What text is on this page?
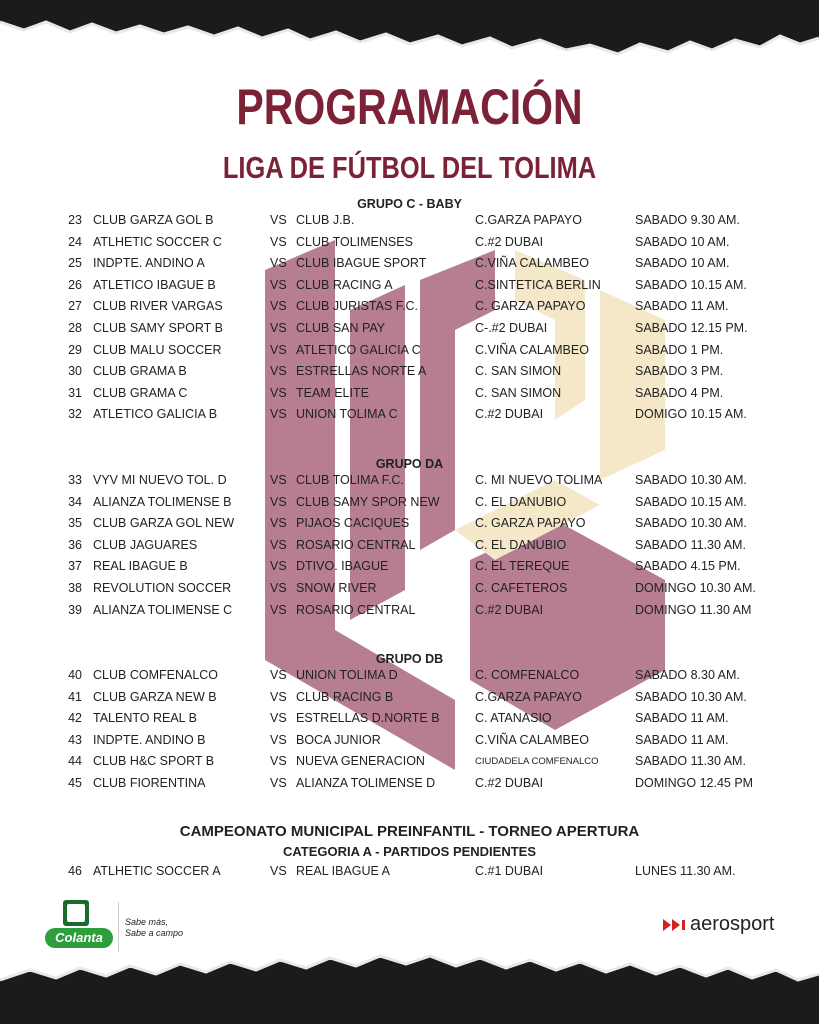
PROGRAMACIÓN
LIGA DE FÚTBOL DEL TOLIMA
GRUPO C - BABY
23 CLUB GARZA GOL B	VS CLUB J.B.	C.GARZA PAPAYO	SABADO 9.30 AM.
24 ATLHETIC SOCCER C	VS CLUB TOLIMENSES	C.#2 DUBAI	SABADO 10 AM.
25 INDPTE. ANDINO A	VS CLUB IBAGUE SPORT	C.VIÑA CALAMBEO	SABADO 10 AM.
26 ATLETICO IBAGUE B	VS CLUB RACING A	C.SINTETICA BERLIN	SABADO 10.15 AM.
27 CLUB RIVER VARGAS	VS CLUB JURISTAS F.C.	C. GARZA PAPAYO	SABADO 11 AM.
28 CLUB SAMY SPORT B	VS CLUB SAN PAY	C-.#2 DUBAI	SABADO 12.15 PM.
29 CLUB MALU SOCCER	VS ATLETICO GALICIA C	C.VIÑA CALAMBEO	SABADO 1 PM.
30 CLUB GRAMA B	VS ESTRELLAS NORTE A	C. SAN SIMON	SABADO 3 PM.
31 CLUB GRAMA C	VS TEAM ELITE	C. SAN SIMON	SABADO 4 PM.
32 ATLETICO GALICIA B	VS UNION TOLIMA C	C.#2 DUBAI	DOMIGO 10.15 AM.
GRUPO DA
33 VYV MI NUEVO TOL. D	VS CLUB TOLIMA F.C.	C. MI NUEVO TOLIMA	SABADO 10.30 AM.
34 ALIANZA TOLIMENSE B	VS CLUB SAMY SPOR NEW	C. EL DANUBIO	SABADO 10.15 AM.
35 CLUB GARZA GOL NEW	VS PIJAOS CACIQUES	C. GARZA PAPAYO	SABADO 10.30 AM.
36 CLUB JAGUARES	VS ROSARIO CENTRAL	C. EL DANUBIO	SABADO 11.30 AM.
37 REAL IBAGUE B	VS DTIVO. IBAGUE	C. EL TEREQUE	SABADO 4.15 PM.
38 REVOLUTION SOCCER	VS SNOW RIVER	C. CAFETEROS	DOMINGO 10.30 AM.
39 ALIANZA TOLIMENSE C	VS ROSARIO CENTRAL	C.#2 DUBAI	DOMINGO 11.30 AM
GRUPO DB
40 CLUB COMFENALCO	VS UNION TOLIMA D	C. COMFENALCO	SABADO 8.30 AM.
41 CLUB GARZA NEW B	VS CLUB RACING B	C.GARZA PAPAYO	SABADO 10.30 AM.
42 TALENTO REAL B	VS ESTRELLAS D.NORTE B	C. ATANASIO	SABADO 11 AM.
43 INDPTE. ANDINO B	VS BOCA JUNIOR	C.VIÑA CALAMBEO	SABADO 11 AM.
44 CLUB H&C SPORT B	VS NUEVA GENERACION	CIUDADELA COMFENALCO	SABADO 11.30 AM.
45 CLUB FIORENTINA	VS ALIANZA TOLIMENSE D	C.#2 DUBAI	DOMINGO 12.45 PM
CAMPEONATO MUNICIPAL PREINFANTIL - TORNEO APERTURA
CATEGORIA A - PARTIDOS PENDIENTES
46 ATLHETIC SOCCER A	VS REAL IBAGUE A	C.#1 DUBAI	LUNES 11.30 AM.
Colanta
Sabe más,
Sabe a campo	aerosport
